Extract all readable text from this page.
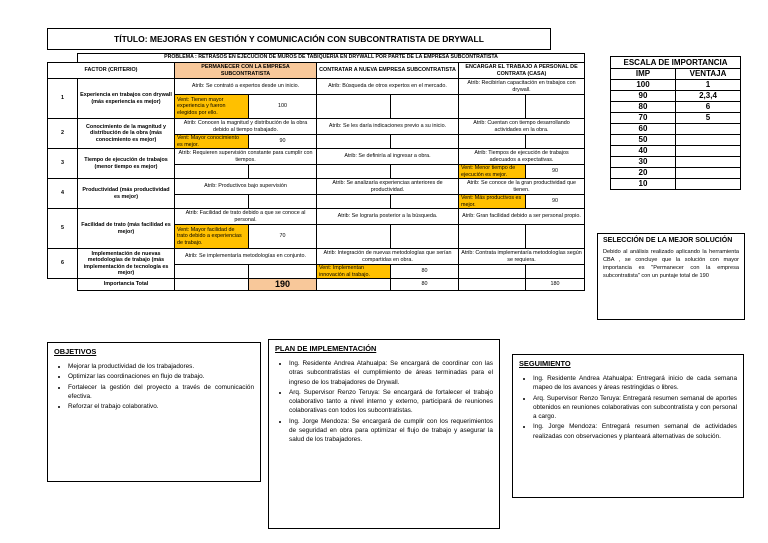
TÍTULO: MEJORAS EN GESTIÓN Y COMUNICACIÓN CON SUBCONTRATISTA DE DRYWALL
	PROBLEMA : RETRASOS EN EJECUCIÓN DE MUROS DE TABIQUERÍA EN DRYWALL POR PARTE DE LA EMPRESA SUBCONTRATISTA						
FACTOR (CRITERIO)		PERMANECER CON LA EMPRESA SUBCONTRATISTA		CONTRATAR A NUEVA EMPRESA SUBCONTRATISTA		ENCARGAR EL TRABAJO A PERSONAL DE CONTRATA (CASA)	
1	Experiencia en trabajos con drywall (más experiencia es mejor)	Atrib: Se contrató a expertos desde un inicio.		Atrib: Búsqueda de otros expertos en el mercado.		Atrib: Recibirían capacitación en trabajos con drywall.	
		Vent: Tienen mayor experiencia y fueron elegidos por ello.	100				
2	Conocimiento de la magnitud y distribución de la obra (más conocimiento es mejor)	Atrib: Conocen la magnitud y distribución de la obra debido al tiempo trabajado.		Atrib: Se les daría indicaciones previo a su inicio.		Atrib: Cuentan con tiempo desarrollando actividades en la obra.	
		Vent: Mayor conocimiento es mejor.	90				
3	Tiempo de ejecución de trabajos (menor tiempo es mejor)	Atrib: Requieren supervisión constante para cumplir con tiempos.		Atrib: Se definiría al ingresar a obra.		Atrib: Tiempos de ejecución de trabajos adecuados a expectativas.	
						Vent: Menor tiempo de ejecución es mejor.	90
4	Productividad (más productividad es mejor)	Atrib: Productivos bajo supervisión		Atrib: Se analizaría experiencias anteriores de productividad.		Atrib: Se conoce de la gran productividad que tienen.	
						Vent: Más productivos es mejor.	90
5	Facilidad de trato (más facilidad es mejor)	Atrib: Facilidad de trato debido a que se conoce al personal.		Atrib: Se lograría posterior a la búsqueda.		Atrib: Gran facilidad debido a ser personal propio.	
		Vent: Mayor facilidad de trato debido a experiencias de trabajo.	70				
6	Implementación de nuevas metodologías de trabajo (más implementación de tecnología es mejor)	Atrib: Se implementaría metodologías en conjunto.		Atrib: Integración de nuevas metodologías que serían compartidas en obra.		Atrib: Contrata implementaría metodologías según se requiera.	
				Vent: Implementan innovación al trabajo.	80		
	Importancia Total		190		80		180
ESCALA DE IMPORTANCIA	
IMP	VENTAJA
100	1
90	2,3,4
80	6
70	5
60	
50	
40	
30	
20	
10	
SELECCIÓN DE LA MEJOR SOLUCIÓN

Debido al análisis realizado aplicando la herramienta CBA , se concluye que la solución con mayor importancia es "Permanecer con la empresa subcontratista" con un puntaje total de 190

OBJETIVOS
• Mejorar la productividad de los trabajadores.
• Optimizar las coordinaciones en flujo de trabajo.
• Fortalecer la gestión del proyecto a través de comunicación efectiva.
• Reforzar el trabajo colaborativo.
PLAN DE IMPLEMENTACIÓN
• Ing. Residente Andrea Atahualpa: Se encargará de coordinar con las otras subcontratistas el cumplimiento de áreas terminadas para el ingreso de los trabajadores de Drywall.
• Arq. Supervisor Renzo Teruya: Se encargará de fortalecer el trabajo colaborativo tanto a nivel interno y externo, participará de reuniones colaborativas con todos los subcontratistas.
• Ing. Jorge Mendoza: Se encargará de cumplir con los requerimientos de seguridad en obra para optimizar el flujo de trabajo y asegurar la salud de los trabajadores.
SEGUIMIENTO
• Ing. Residente Andrea Atahualpa: Entregará inicio de cada semana mapeo de los avances y áreas restringidas o libres.
• Arq. Supervisor Renzo Teruya: Entregará resumen semanal de aportes obtenidos en reuniones colaborativas con subcontratista y con personal a cargo.
• Ing. Jorge Mendoza: Entregará resumen semanal de actividades realizadas con observaciones y planteará alternativas de solución.
